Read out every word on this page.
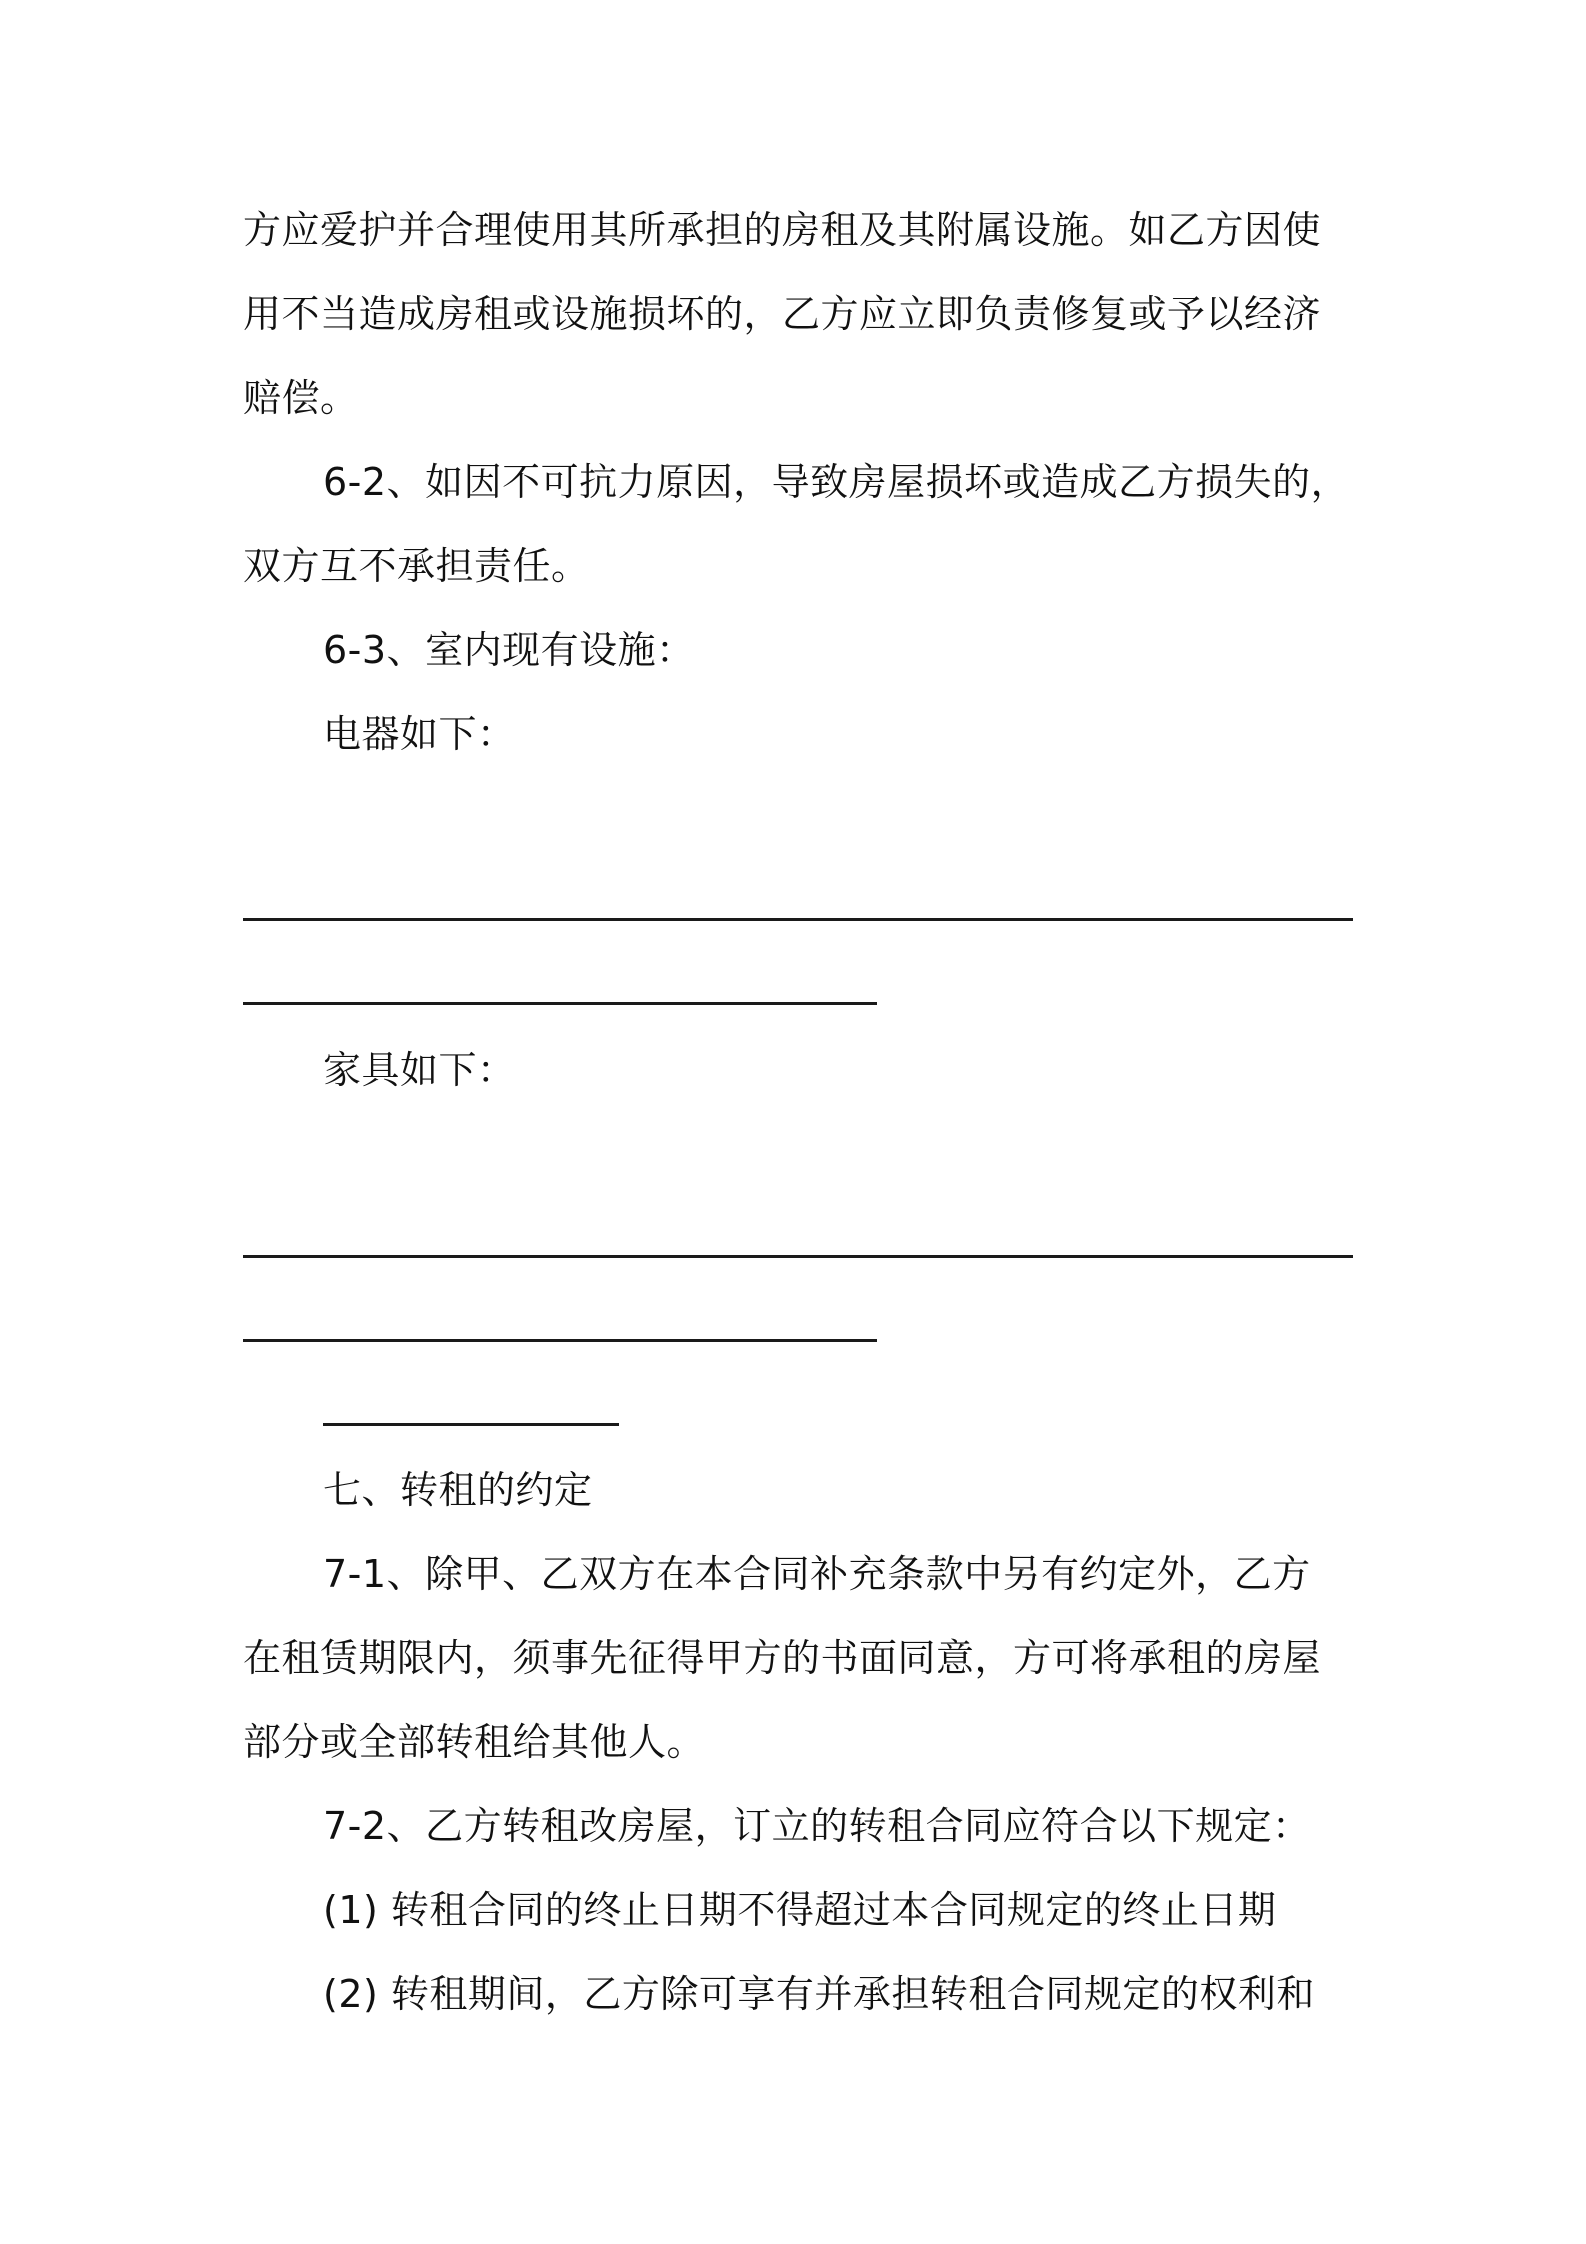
方应爱护并合理使用其所承担的房租及其附属设施。如乙方因使
用不当造成房租或设施损坏的，乙方应立即负责修复或予以经济
赔偿。
6-2、如因不可抗力原因，导致房屋损坏或造成乙方损失的，
双方互不承担责任。
6-3、室内现有设施：
电器如下：
家具如下：
七、转租的约定
7-1、除甲、乙双方在本合同补充条款中另有约定外，乙方
在租赁期限内，须事先征得甲方的书面同意，方可将承租的房屋
部分或全部转租给其他人。
7-2、乙方转租改房屋，订立的转租合同应符合以下规定：
(1) 转租合同的终止日期不得超过本合同规定的终止日期
(2) 转租期间，乙方除可享有并承担转租合同规定的权利和
